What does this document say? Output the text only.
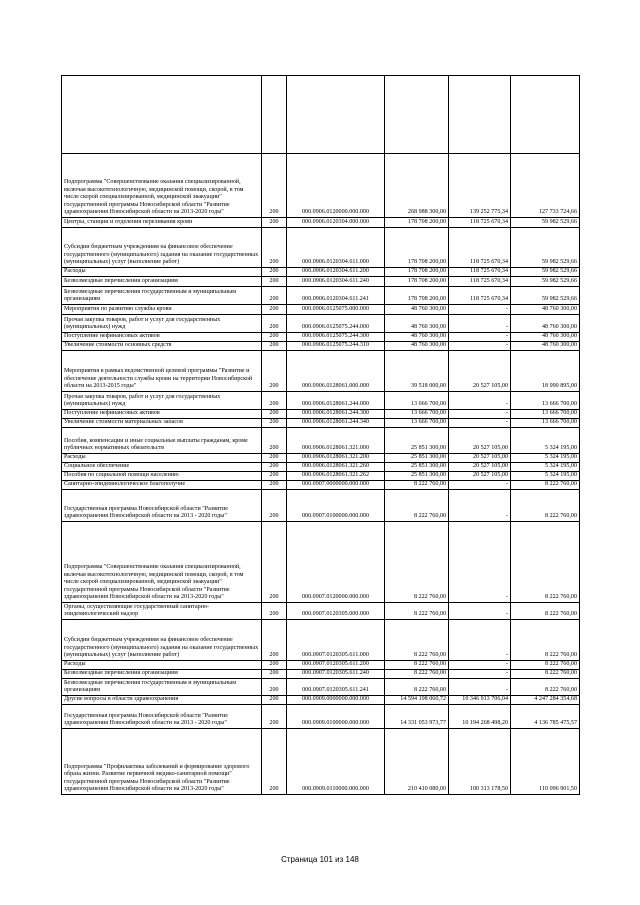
Подпрограмма "Совершенствование оказания специализированной, включая высокотехнологичную, медицинской помощи, скорой, в том числе скорой специализированной, медицинской эвакуации" государственной программы Новосибирской области "Развитие здравоохранения Новосибирской области на 2013-2020 годы"	200	000.0906.0120000.000.000	268 988 300,00	139 252 775,34	127 733 724,66
Центры, станции и отделения переливания крови	200	000.0906.0120304.000.000	178 708 200,00	118 725 670,34	59 982 529,66
Субсидии бюджетным учреждениям на финансовое обеспечение государственного (муниципального) задания на оказание государственных (муниципальных) услуг (выполнение работ)	200	000.0906.0120304.611.000	178 708 200,00	118 725 670,34	59 982 529,66
Расходы	200	000.0906.0120304.611.200	178 708 200,00	118 725 670,34	59 982 529,66
Безвозмездные перечисления организациям	200	000.0906.0120304.611.240	178 708 200,00	118 725 670,34	59 982 529,66
Безвозмездные перечисления государственным и муниципальным организациям	200	000.0906.0120304.611.241	178 708 200,00	118 725 670,34	59 982 529,66
Мероприятия по развитию службы крови	200	000.0906.0125075.000.000	48 760 300,00	-	48 760 300,00
Прочая закупка товаров, работ и услуг для государственных (муниципальных) нужд	200	000.0906.0125075.244.000	48 760 300,00	-	48 760 300,00
Поступление нефинансовых активов	200	000.0906.0125075.244.300	48 760 300,00	-	48 760 300,00
Увеличение стоимости основных средств	200	000.0906.0125075.244.310	48 760 300,00	-	48 760 300,00
Мероприятия в рамках ведомственной целевой программы "Развитие и обеспечение деятельности службы крови на территории Новосибирской области на 2013-2015 годы"	200	000.0906.0128061.000.000	39 518 000,00	20 527 105,00	18 990 895,00
Прочая закупка товаров, работ и услуг для государственных (муниципальных) нужд	200	000.0906.0128061.244.000	13 666 700,00	-	13 666 700,00
Поступление нефинансовых активов	200	000.0906.0128061.244.300	13 666 700,00	-	13 666 700,00
Увеличение стоимости материальных запасов	200	000.0906.0128061.244.340	13 666 700,00	-	13 666 700,00
Пособия, компенсации и иные социальные выплаты гражданам, кроме публичных нормативных обязательств	200	000.0906.0128061.321.000	25 851 300,00	20 527 105,00	5 324 195,00
Расходы	200	000.0906.0128061.321.200	25 851 300,00	20 527 105,00	5 324 195,00
Социальное обеспечение	200	000.0906.0128061.321.260	25 851 300,00	20 527 105,00	5 324 195,00
Пособия по социальной помощи населению	200	000.0906.0128061.321.262	25 851 300,00	20 527 105,00	5 324 195,00
Санитарно-эпидемиологическое благополучие	200	000.0907.0000000.000.000	8 222 760,00	-	8 222 760,00
Государственная программа Новосибирской области "Развитие здравоохранения Новосибирской области на 2013 - 2020 годы"	200	000.0907.0100000.000.000	8 222 760,00	-	8 222 760,00
Подпрограмма "Совершенствование оказания специализированной, включая высокотехнологичную, медицинской помощи, скорой, в том числе скорой специализированной, медицинской эвакуации" государственной программы Новосибирской области "Развитие здравоохранения Новосибирской области на 2013-2020 годы"	200	000.0907.0120000.000.000	8 222 760,00	-	8 222 760,00
Органы, осуществляющие государственный санитарно-эпидемиологический надзор	200	000.0907.0120305.000.000	8 222 760,00	-	8 222 760,00
Субсидии бюджетным учреждениям на финансовое обеспечение государственного (муниципального) задания на оказание государственных (муниципальных) услуг (выполнение работ)	200	000.0907.0120305.611.000	8 222 760,00	-	8 222 760,00
Расходы	200	000.0907.0120305.611.200	8 222 760,00	-	8 222 760,00
Безвозмездные перечисления организациям	200	000.0907.0120305.611.240	8 222 760,00	-	8 222 760,00
Безвозмездные перечисления государственным и муниципальным организациям	200	000.0907.0120305.611.241	8 222 760,00	-	8 222 760,00
Другие вопросы в области здравоохранения	200	000.0909.0000000.000.000	14 594 198 060,72	10 346 913 706,04	4 247 284 354,68
Государственная программа Новосибирской области "Развитие здравоохранения Новосибирской области на 2013 - 2020 годы"	200	000.0909.0100000.000.000	14 331 053 973,77	10 194 268 498,20	4 136 785 475,57
Подпрограмма "Профилактика заболеваний и формирование здорового образа жизни. Развитие первичной медико-санитарной помощи" государственной программы Новосибирской области "Развитие здравоохранения Новосибирской области на 2013-2020 годы"	200	000.0909.0110000.000.000	210 410 080,00	100 313 178,50	110 096 901,50
Страница 101 из 148
